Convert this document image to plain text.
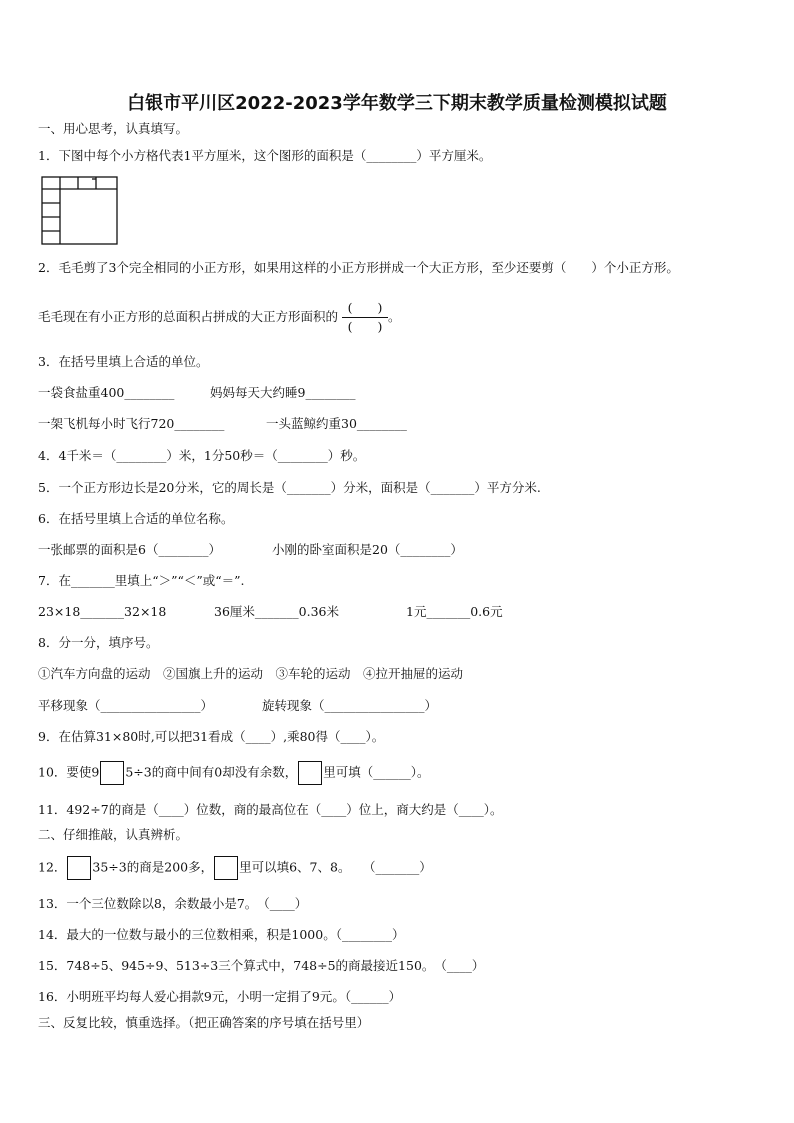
白银市平川区2022-2023学年数学三下期末教学质量检测模拟试题
一、用心思考，认真填写。
1．下图中每个小方格代表1平方厘米，这个图形的面积是（________）平方厘米。
2．毛毛剪了3个完全相同的小正方形，如果用这样的小正方形拼成一个大正方形，至少还要剪（　　）个小正方形。
毛毛现在有小正方形的总面积占拼成的大正方形面积的 $\frac{( )}{( )}$ 。
3．在括号里填上合适的单位。
一袋食盐重400________	妈妈每天大约睡9________
一架飞机每小时飞行720________	一头蓝鲸约重30________
4．4千米＝（________）米，1分50秒＝（________）秒。
5．一个正方形边长是20分米，它的周长是（_______）分米，面积是（_______）平方分米.
6．在括号里填上合适的单位名称。
一张邮票的面积是6（________）	小刚的卧室面积是20（________）
7．在_______里填上“＞”“＜”或“＝”.
23×18_______32×18	36厘米_______0.36米	1元_______0.6元
8．分一分，填序号。
①汽车方向盘的运动　②国旗上升的运动　③车轮的运动　④拉开抽屉的运动
平移现象（________________）	旋转现象（________________）
9．在估算31×80时,可以把31看成（____）,乘80得（____）。
10．要使9 5÷3的商中间有0却没有余数， 里可填（______）。
11．492÷7的商是（____）位数，商的最高位在（____）位上，商大约是（____）。
二、仔细推敲，认真辨析。
12． 35÷3的商是200多， 里可以填6、7、8。　　（_______）
13．一个三位数除以8，余数最小是7。　（____）
14．最大的一位数与最小的三位数相乘，积是1000。（________）
15．748÷5、945÷9、513÷3三个算式中，748÷5的商最接近150。　（____）
16．小明班平均每人爱心捐款9元，小明一定捐了9元。（______）
三、反复比较，慎重选择。（把正确答案的序号填在括号里）
